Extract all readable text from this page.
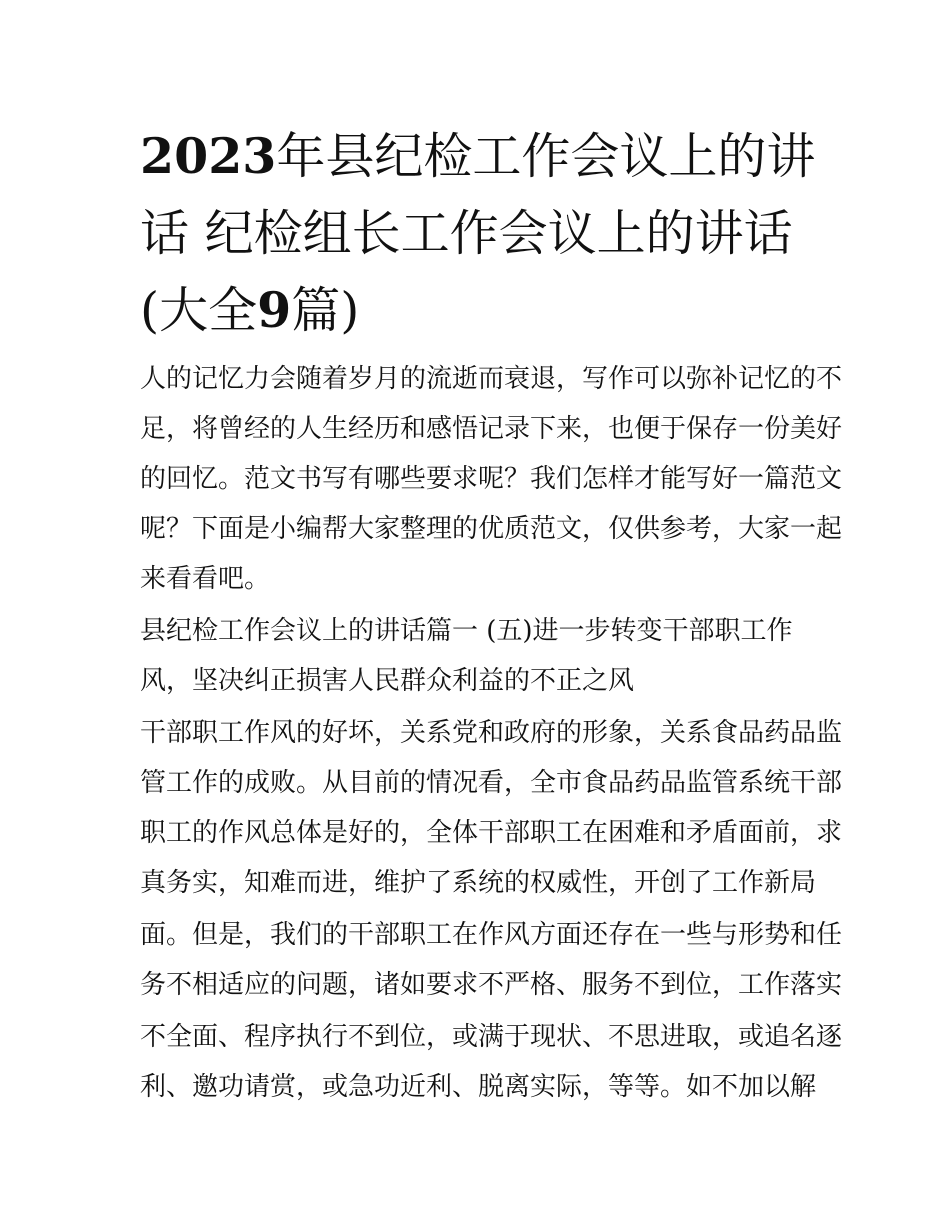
2023年县纪检工作会议上的讲
话 纪检组长工作会议上的讲话
(大全9篇)
人的记忆力会随着岁月的流逝而衰退，写作可以弥补记忆的不
足，将曾经的人生经历和感悟记录下来，也便于保存一份美好
的回忆。范文书写有哪些要求呢？我们怎样才能写好一篇范文
呢？下面是小编帮大家整理的优质范文，仅供参考，大家一起
来看看吧。
县纪检工作会议上的讲话篇一 (五)进一步转变干部职工作
风，坚决纠正损害人民群众利益的不正之风
干部职工作风的好坏，关系党和政府的形象，关系食品药品监
管工作的成败。从目前的情况看，全市食品药品监管系统干部
职工的作风总体是好的，全体干部职工在困难和矛盾面前，求
真务实，知难而进，维护了系统的权威性，开创了工作新局
面。但是，我们的干部职工在作风方面还存在一些与形势和任
务不相适应的问题，诸如要求不严格、服务不到位，工作落实
不全面、程序执行不到位，或满于现状、不思进取，或追名逐
利、邀功请赏，或急功近利、脱离实际，等等。如不加以解
